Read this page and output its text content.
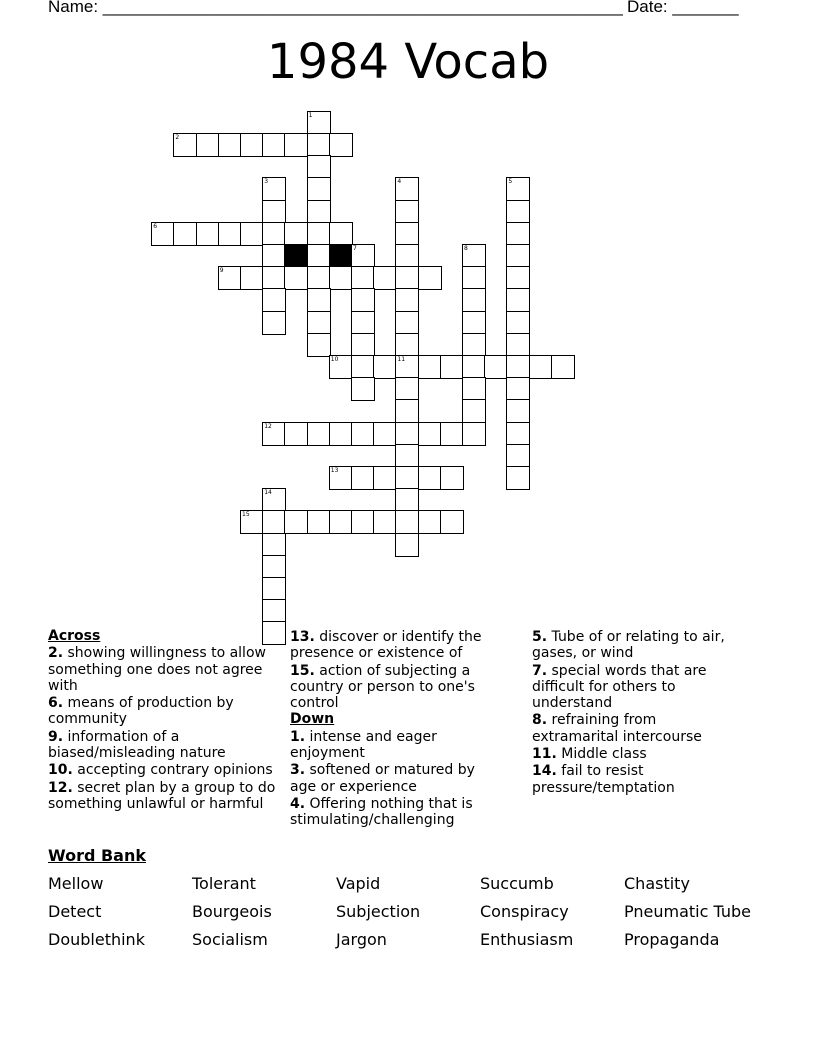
Name: _______________________________________________________ Date: _______
1984 Vocab
1
2
3	4	5
6
7	8
9
10	11
12
13
14
15
Across
2. showing willingness to allow something one does not agree with
6. means of production by community
9. information of a biased/misleading nature
10. accepting contrary opinions
12. secret plan by a group to do something unlawful or harmful
13. discover or identify the presence or existence of
15. action of subjecting a country or person to one's control
Down
1. intense and eager enjoyment
3. softened or matured by age or experience
4. Offering nothing that is stimulating/challenging
5. Tube of or relating to air, gases, or wind
7. special words that are difficult for others to understand
8. refraining from extramarital intercourse
11. Middle class
14. fail to resist pressure/temptation
Word Bank
Mellow	Tolerant	Vapid	Succumb	Chastity
Detect	Bourgeois	Subjection	Conspiracy	Pneumatic Tube
Doublethink	Socialism	Jargon	Enthusiasm	Propaganda
